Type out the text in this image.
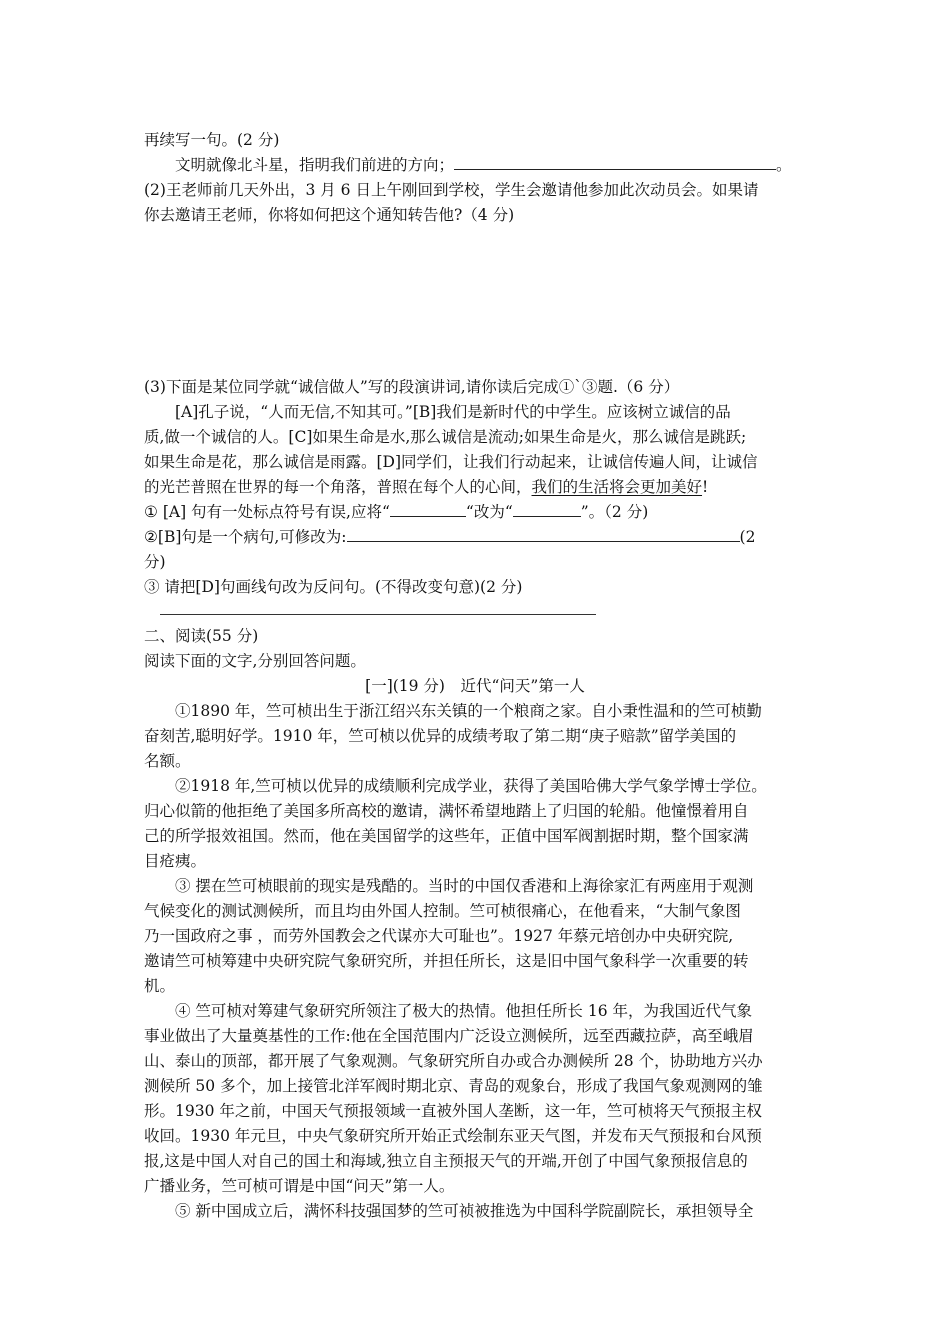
再续写一句。(2 分)
文明就像北斗星，指明我们前进的方向；	。
(2)王老师前几天外出，3 月 6 日上午刚回到学校，学生会邀请他参加此次动员会。如果请
你去邀请王老师，你将如何把这个通知转告他?（4 分)
(3)下面是某位同学就“诚信做人”写的段演讲词,请你读后完成①`③题.（6 分）
[A]孔子说，“人而无信,不知其可。”[B]我们是新时代的中学生。应该树立诚信的品
质,做一个诚信的人。[C]如果生命是水,那么诚信是流动;如果生命是火，那么诚信是跳跃;
如果生命是花，那么诚信是雨露。[D]同学们，让我们行动起来，让诚信传遍人间，让诚信
的光芒普照在世界的每一个角落，普照在每个人的心间，我们的生活将会更加美好!
① [A] 句有一处标点符号有误,应将“	“改为“	”。（2 分)
②[B]句是一个病句,可修改为:	(2
分)
③ 请把[D]句画线句改为反问句。(不得改变句意)(2 分)
二、阅读(55 分)
阅读下面的文字,分别回答问题。
[一](19 分)　近代“问天”第一人
①1890 年，竺可桢出生于浙江绍兴东关镇的一个粮商之家。自小秉性温和的竺可桢勤
奋刻苦,聪明好学。1910 年，竺可桢以优异的成绩考取了第二期“庚子赔款”留学美国的
名额。
②1918 年,竺可桢以优异的成绩顺利完成学业，获得了美国哈佛大学气象学博士学位。
归心似箭的他拒绝了美国多所高校的邀请，满怀希望地踏上了归国的轮船。他憧憬着用自
己的所学报效祖国。然而，他在美国留学的这些年，正值中国军阀割据时期，整个国家满
目疮痍。
③ 摆在竺可桢眼前的现实是残酷的。当时的中国仅香港和上海徐家汇有两座用于观测
气候变化的测试测候所，而且均由外国人控制。竺可桢很痛心，在他看来，“大制气象图
乃一国政府之事 ，而劳外国教会之代谋亦大可耻也”。1927 年蔡元培创办中央研究院,
邀请竺可桢筹建中央研究院气象研究所，并担任所长，这是旧中国气象科学一次重要的转
机。
④ 竺可桢对筹建气象研究所领注了极大的热情。他担任所长 16 年，为我国近代气象
事业做出了大量奠基性的工作:他在全国范围内广泛设立测候所，远至西藏拉萨，高至峨眉
山、泰山的顶部，都开展了气象观测。气象研究所自办或合办测候所 28 个，协助地方兴办
测候所 50 多个，加上接管北洋军阀时期北京、青岛的观象台，形成了我国气象观测网的雏
形。1930 年之前，中国天气预报领域一直被外国人垄断，这一年，竺可桢将天气预报主权
收回。1930 年元旦，中央气象研究所开始正式绘制东亚天气图，并发布天气预报和台风预
报,这是中国人对自己的国土和海域,独立自主预报天气的开端,开创了中国气象预报信息的
广播业务，竺可桢可谓是中国“问天”第一人。
⑤ 新中国成立后，满怀科技强国梦的竺可祯被推选为中国科学院副院长，承担领导全
